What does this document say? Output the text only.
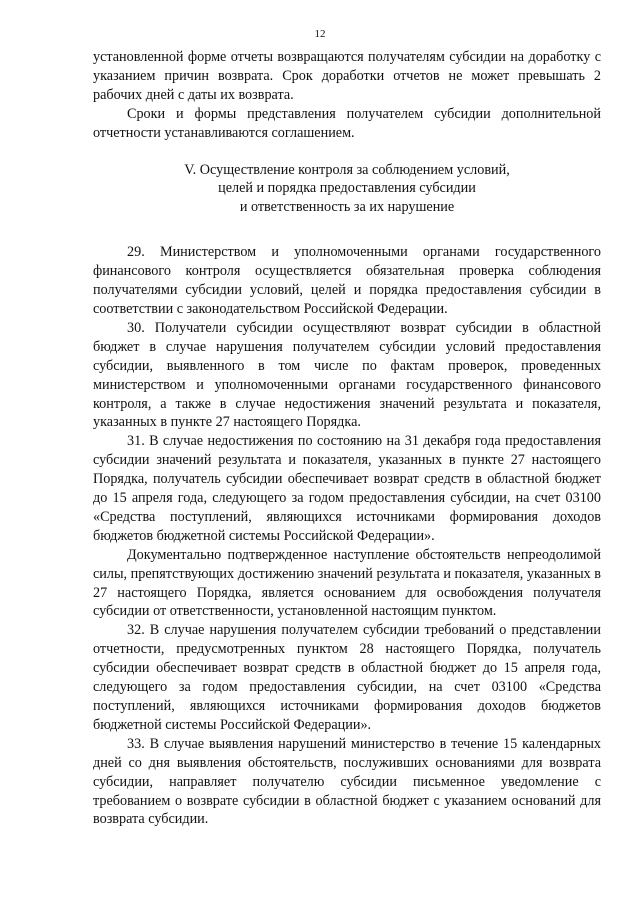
12

установленной форме отчеты возвращаются получателям субсидии на доработку с указанием причин возврата. Срок доработки отчетов не может превышать 2 рабочих дней с даты их возврата.

Сроки и формы представления получателем субсидии дополнительной отчетности устанавливаются соглашением.

V. Осуществление контроля за соблюдением условий,
целей и порядка предоставления субсидии
и ответственность за их нарушение

29. Министерством и уполномоченными органами государственного финансового контроля осуществляется обязательная проверка соблюдения получателями субсидии условий, целей и порядка предоставления субсидии в соответствии с законодательством Российской Федерации.

30. Получатели субсидии осуществляют возврат субсидии в областной бюджет в случае нарушения получателем субсидии условий предоставления субсидии, выявленного в том числе по фактам проверок, проведенных министерством и уполномоченными органами государственного финансового контроля, а также в случае недостижения значений результата и показателя, указанных в пункте 27 настоящего Порядка.

31. В случае недостижения по состоянию на 31 декабря года предоставления субсидии значений результата и показателя, указанных в пункте 27 настоящего Порядка, получатель субсидии обеспечивает возврат средств в областной бюджет до 15 апреля года, следующего за годом предоставления субсидии, на счет 03100 «Средства поступлений, являющихся источниками формирования доходов бюджетов бюджетной системы Российской Федерации».

Документально подтвержденное наступление обстоятельств непреодолимой силы, препятствующих достижению значений результата и показателя, указанных в 27 настоящего Порядка, является основанием для освобождения получателя субсидии от ответственности, установленной настоящим пунктом.

32. В случае нарушения получателем субсидии требований о представлении отчетности, предусмотренных пунктом 28 настоящего Порядка, получатель субсидии обеспечивает возврат средств в областной бюджет до 15 апреля года, следующего за годом предоставления субсидии, на счет 03100 «Средства поступлений, являющихся источниками формирования доходов бюджетов бюджетной системы Российской Федерации».

33. В случае выявления нарушений министерство в течение 15 календарных дней со дня выявления обстоятельств, послуживших основаниями для возврата субсидии, направляет получателю субсидии письменное уведомление с требованием о возврате субсидии в областной бюджет с указанием оснований для возврата субсидии.
